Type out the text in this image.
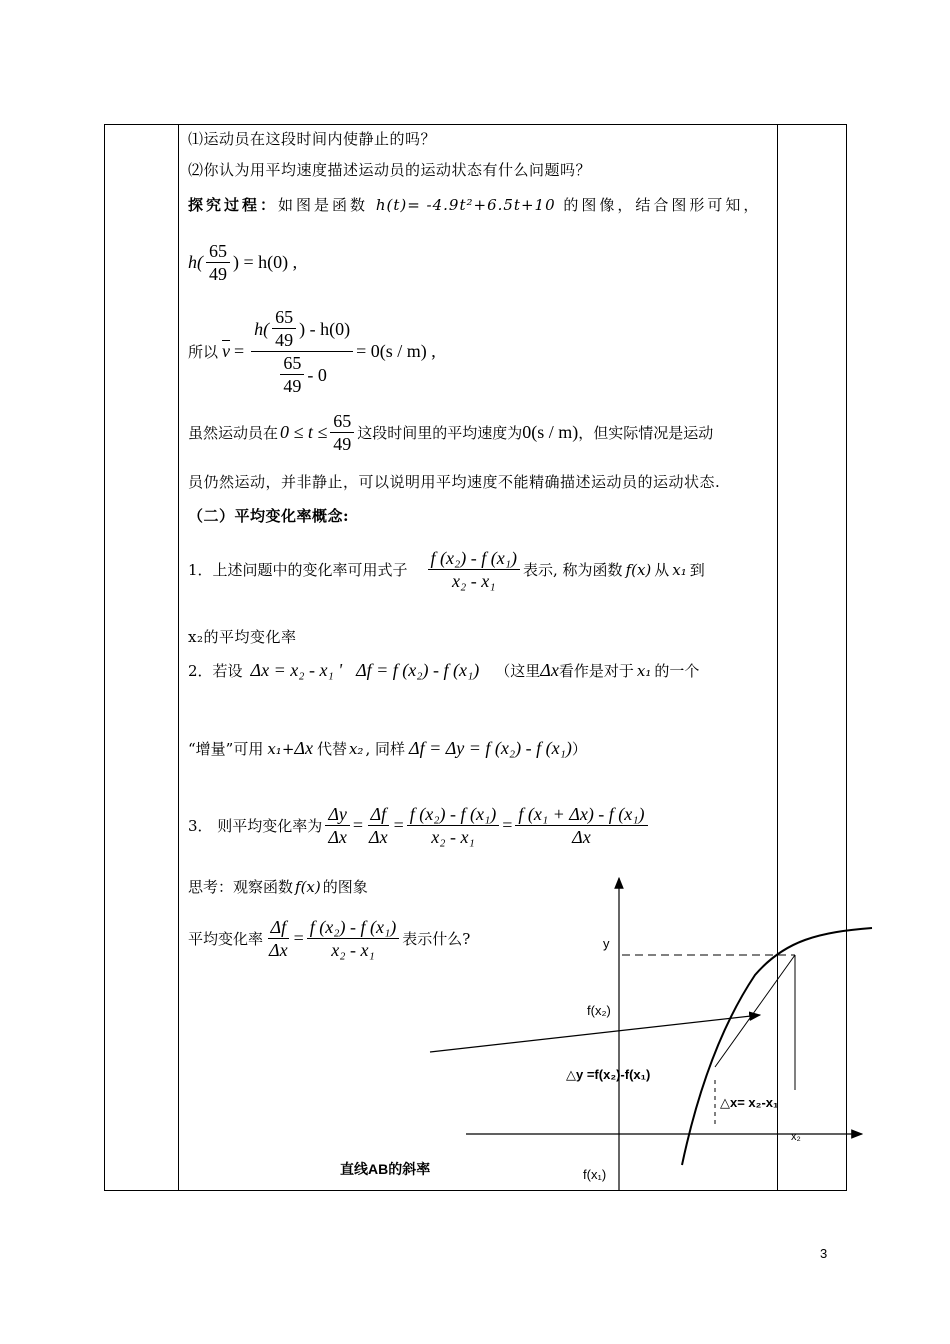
⑴运动员在这段时间内使静止的吗？
⑵你认为用平均速度描述运动员的运动状态有什么问题吗？
探究过程：如图是函数 h(t)= -4.9t²+6.5t+10 的图像，结合图形可知，
$h( \frac{65}{49}$ ) = h(0) ,
所以 $\overline{v} = \frac{h( \frac{65}{49} ) - h(0)}{\frac{65}{49} - 0} = 0(s / m)$ ,
虽然运动员在 $0 \le t \le \frac{65}{49}$ 这段时间里的平均速度为 0(s / m) ，但实际情况是运动
员仍然运动，并非静止，可以说明用平均速度不能精确描述运动员的运动状态.
（二）平均变化率概念:
1．上述问题中的变化率可用式子 $\frac{\text{f (x₂) - f (x₁)}}{\text{x₂ - x₁}}$ 表示, 称为函数 f(x) 从 x₁ 到
x₂的平均变化率
2．若设 Δx = x₂ - x₁ ' Δf = f (x₂) - f (x₁) （这里 Δx 看作是对于 x₁ 的一个
“增量”可用 x₁+ Δx 代替 x₂ , 同样 Δf = Δy = f (x₂) - f (x₁) ）
3． 则平均变化率为 $\frac{\Delta y}{\Delta x} = \frac{\Delta f}{\Delta x} = \frac{\text{f (x₂) - f (x₁)}}{\text{x₂ - x₁}} = \frac{\text{f (x₁ + Δx) - f (x₁)}}{\Delta x}$
思考：观察函数 f(x) 的图象
平均变化率 $\frac{\Delta f}{\Delta x} = \frac{\text{f (x₂) - f (x₁)}}{\text{x₂ - x₁}}$ 表示什么?	y
f(x₂)
△y =f(x₂)-f(x₁)
△x= x₂-x₁
x₂
f(x₁)
直线AB的斜率
3
